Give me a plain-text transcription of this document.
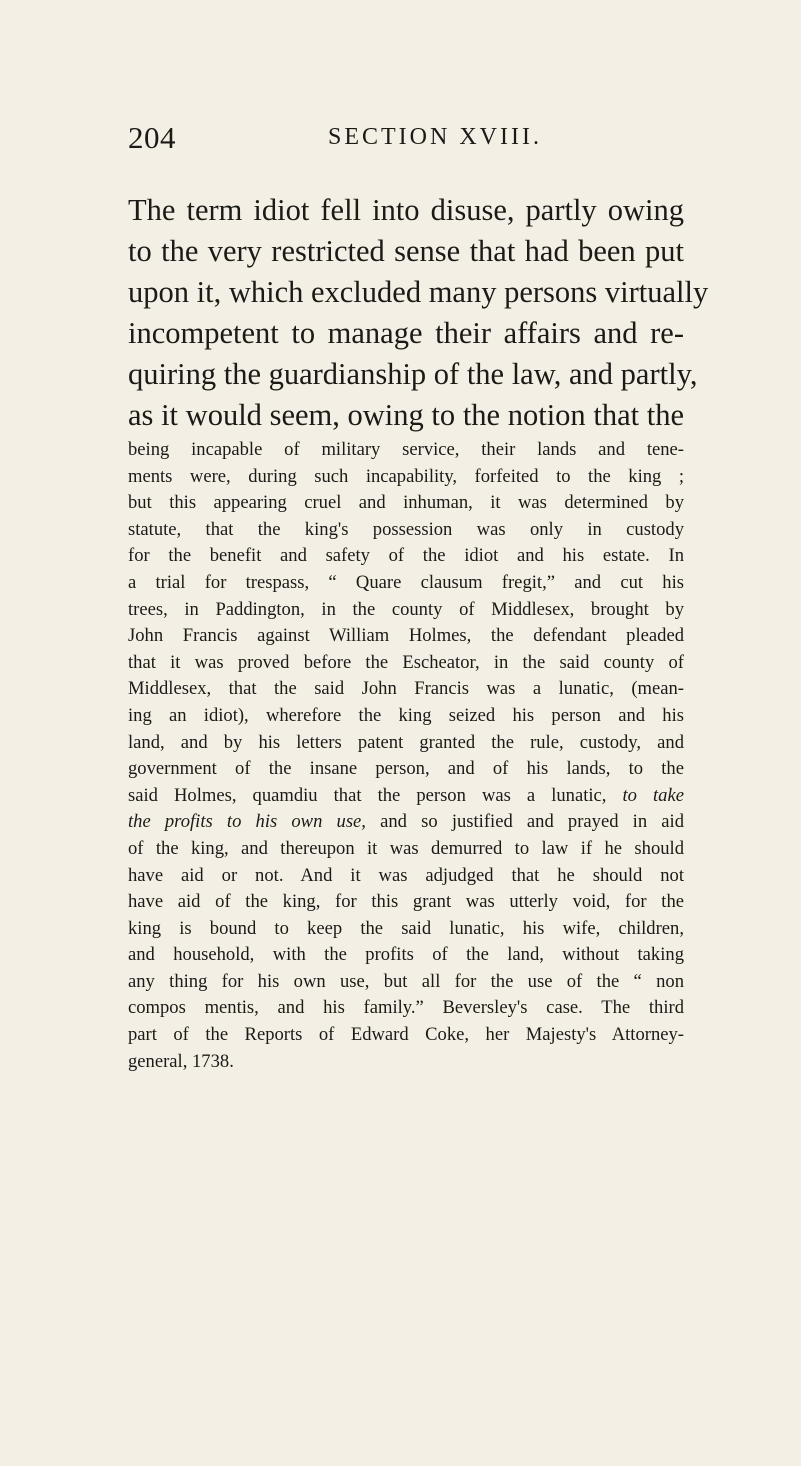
204	SECTION XVIII.
The term idiot fell into disuse, partly owing
to the very restricted sense that had been put
upon it, which excluded many persons virtually
incompetent to manage their affairs and re-
quiring the guardianship of the law, and partly,
as it would seem, owing to the notion that the
being incapable of military service, their lands and tene-
ments were, during such incapability, forfeited to the king ;
but this appearing cruel and inhuman, it was determined by
statute, that the king's possession was only in custody
for the benefit and safety of the idiot and his estate. In
a trial for trespass, “ Quare clausum fregit,” and cut his
trees, in Paddington, in the county of Middlesex, brought by
John Francis against William Holmes, the defendant pleaded
that it was proved before the Escheator, in the said county of
Middlesex, that the said John Francis was a lunatic, (mean-
ing an idiot), wherefore the king seized his person and his
land, and by his letters patent granted the rule, custody, and
government of the insane person, and of his lands, to the
said Holmes, quamdiu that the person was a lunatic, to take
the profits to his own use, and so justified and prayed in aid
of the king, and thereupon it was demurred to law if he should
have aid or not. And it was adjudged that he should not
have aid of the king, for this grant was utterly void, for the
king is bound to keep the said lunatic, his wife, children,
and household, with the profits of the land, without taking
any thing for his own use, but all for the use of the “ non
compos mentis, and his family.” Beversley's case. The third
part of the Reports of Edward Coke, her Majesty's Attorney-
general, 1738.
